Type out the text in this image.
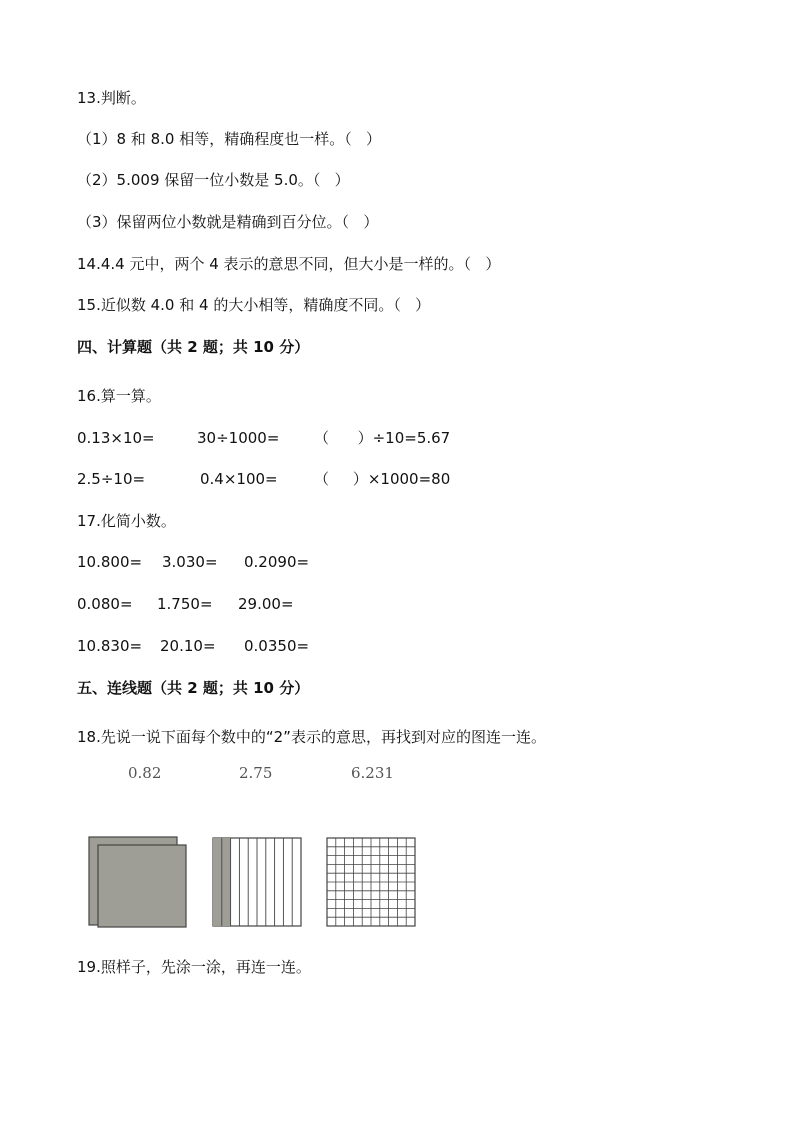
13.判断。
（1）8 和 8.0 相等，精确程度也一样。（   ）
（2）5.009 保留一位小数是 5.0。（   ）
（3）保留两位小数就是精确到百分位。（   ）
14.4.4 元中，两个 4 表示的意思不同，但大小是一样的。（   ）
15.近似数 4.0 和 4 的大小相等，精确度不同。（   ）
四、计算题（共 2 题；共 10 分）
16.算一算。
0.13×10=	30÷1000= （      ）÷10=5.67
2.5÷10=	0.4×100= （     ）×1000=80
17.化简小数。
10.800= 3.030= 0.2090=
0.080= 1.750= 29.00=
10.830= 20.10= 0.0350=
五、连线题（共 2 题；共 10 分）
18.先说一说下面每个数中的“2”表示的意思，再找到对应的图连一连。
0.82	2.75	6.231
19.照样子，先涂一涂，再连一连。
